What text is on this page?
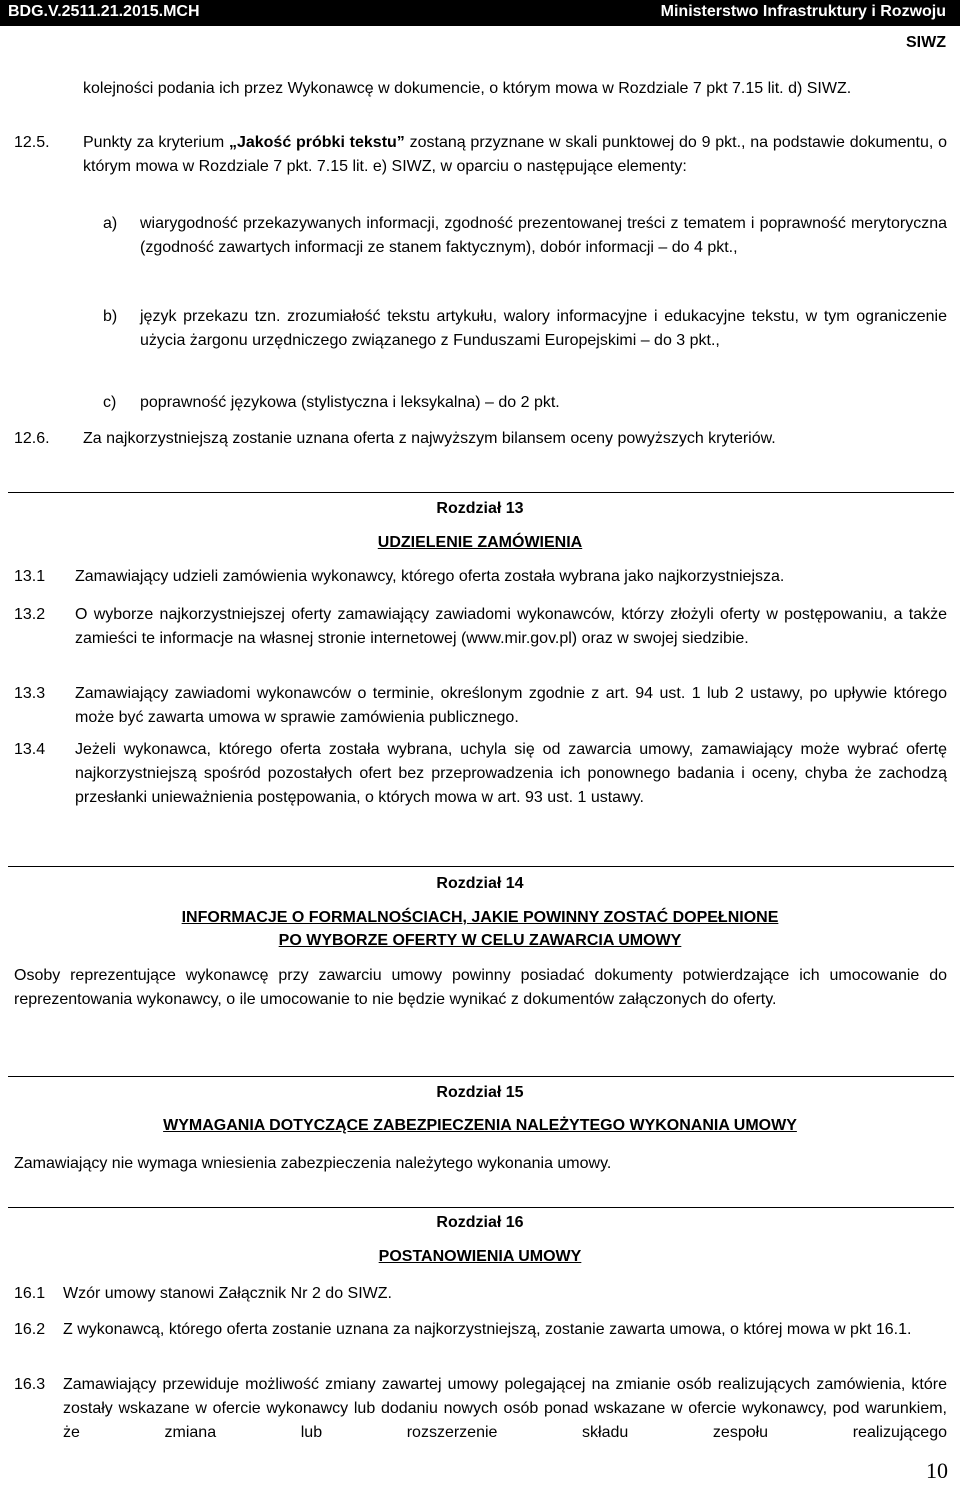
BDG.V.2511.21.2015.MCH	Ministerstwo Infrastruktury i Rozwoju
SIWZ

kolejności podania ich przez Wykonawcę w dokumencie, o którym mowa w Rozdziale 7 pkt 7.15 lit. d) SIWZ.

12.5. Punkty za kryterium „Jakość próbki tekstu” zostaną przyznane w skali punktowej do 9 pkt., na podstawie dokumentu, o którym mowa w Rozdziale 7 pkt. 7.15 lit. e) SIWZ, w oparciu o następujące elementy:

a) wiarygodność przekazywanych informacji, zgodność prezentowanej treści z tematem i poprawność merytoryczna (zgodność zawartych informacji ze stanem faktycznym), dobór informacji – do 4 pkt.,

b) język przekazu tzn. zrozumiałość tekstu artykułu, walory informacyjne i edukacyjne tekstu, w tym ograniczenie użycia żargonu urzędniczego związanego z Funduszami Europejskimi – do 3 pkt.,

c) poprawność językowa (stylistyczna i leksykalna) – do 2 pkt.

12.6. Za najkorzystniejszą zostanie uznana oferta z najwyższym bilansem oceny powyższych kryteriów.

Rozdział 13
UDZIELENIE ZAMÓWIENIA
13.1 Zamawiający udzieli zamówienia wykonawcy, którego oferta została wybrana jako najkorzystniejsza.

13.2 O wyborze najkorzystniejszej oferty zamawiający zawiadomi wykonawców, którzy złożyli oferty w postępowaniu, a także zamieści te informacje na własnej stronie internetowej (www.mir.gov.pl) oraz w swojej siedzibie.

13.3 Zamawiający zawiadomi wykonawców o terminie, określonym zgodnie z art. 94 ust. 1 lub 2 ustawy, po upływie którego może być zawarta umowa w sprawie zamówienia publicznego.

13.4 Jeżeli wykonawca, którego oferta została wybrana, uchyla się od zawarcia umowy, zamawiający może wybrać ofertę najkorzystniejszą spośród pozostałych ofert bez przeprowadzenia ich ponownego badania i oceny, chyba że zachodzą przesłanki unieważnienia postępowania, o których mowa w art. 93 ust. 1 ustawy.

Rozdział 14
INFORMACJE O FORMALNOŚCIACH, JAKIE POWINNY ZOSTAĆ DOPEŁNIONE
PO WYBORZE OFERTY W CELU ZAWARCIA UMOWY

Osoby reprezentujące wykonawcę przy zawarciu umowy powinny posiadać dokumenty potwierdzające ich umocowanie do reprezentowania wykonawcy, o ile umocowanie to nie będzie wynikać z dokumentów załączonych do oferty.

Rozdział 15
WYMAGANIA DOTYCZĄCE ZABEZPIECZENIA NALEŻYTEGO WYKONANIA UMOWY

Zamawiający nie wymaga wniesienia zabezpieczenia należytego wykonania umowy.

Rozdział 16
POSTANOWIENIA UMOWY
16.1 Wzór umowy stanowi Załącznik Nr 2 do SIWZ.

16.2 Z wykonawcą, którego oferta zostanie uznana za najkorzystniejszą, zostanie zawarta umowa, o której mowa w pkt 16.1.

16.3 Zamawiający przewiduje możliwość zmiany zawartej umowy polegającej na zmianie osób realizujących zamówienia, które zostały wskazane w ofercie wykonawcy lub dodaniu nowych osób ponad wskazane w ofercie wykonawcy, pod warunkiem, że zmiana lub rozszerzenie składu zespołu realizującego

10
